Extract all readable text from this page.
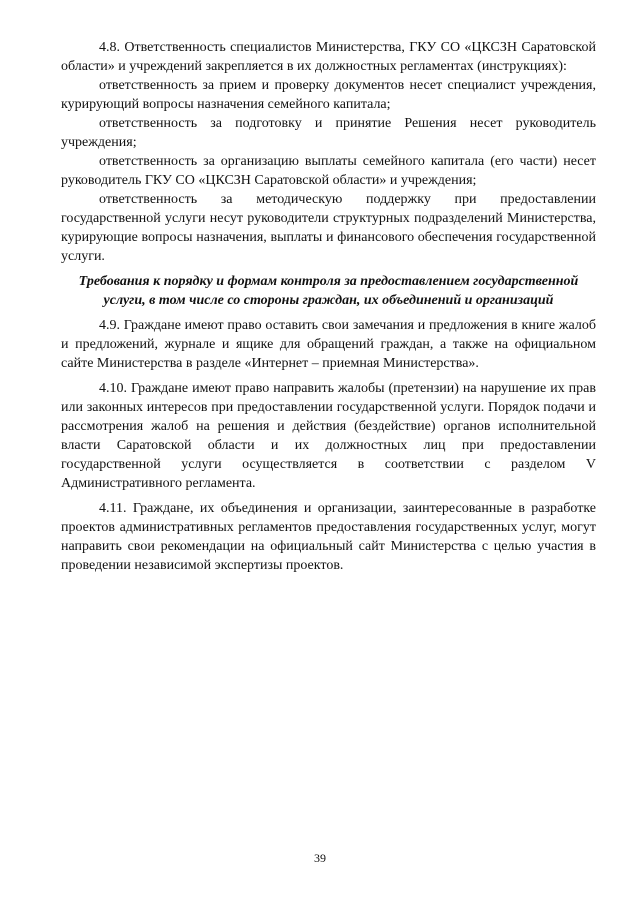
4.8. Ответственность специалистов Министерства, ГКУ СО «ЦКСЗН Саратовской области» и учреждений закрепляется в их должностных регламентах (инструкциях):

ответственность за прием и проверку документов несет специалист учреждения, курирующий вопросы назначения семейного капитала;

ответственность за подготовку и принятие Решения несет руководитель учреждения;

ответственность за организацию выплаты семейного капитала (его части) несет руководитель ГКУ СО «ЦКСЗН Саратовской области» и учреждения;

ответственность за методическую поддержку при предоставлении государственной услуги несут руководители структурных подразделений Министерства, курирующие вопросы назначения, выплаты и финансового обеспечения государственной услуги.

Требования к порядку и формам контроля за предоставлением государственной услуги, в том числе со стороны граждан, их объединений и организаций

4.9. Граждане имеют право оставить свои замечания и предложения в книге жалоб и предложений, журнале и ящике для обращений граждан, а также на официальном сайте Министерства в разделе «Интернет – приемная Министерства».

4.10. Граждане имеют право направить жалобы (претензии) на нарушение их прав или законных интересов при предоставлении государственной услуги. Порядок подачи и рассмотрения жалоб на решения и действия (бездействие) органов исполнительной власти Саратовской области и их должностных лиц при предоставлении государственной услуги осуществляется в соответствии с разделом V Административного регламента.

4.11. Граждане, их объединения и организации, заинтересованные в разработке проектов административных регламентов предоставления государственных услуг, могут направить свои рекомендации на официальный сайт Министерства с целью участия в проведении независимой экспертизы проектов.

39
